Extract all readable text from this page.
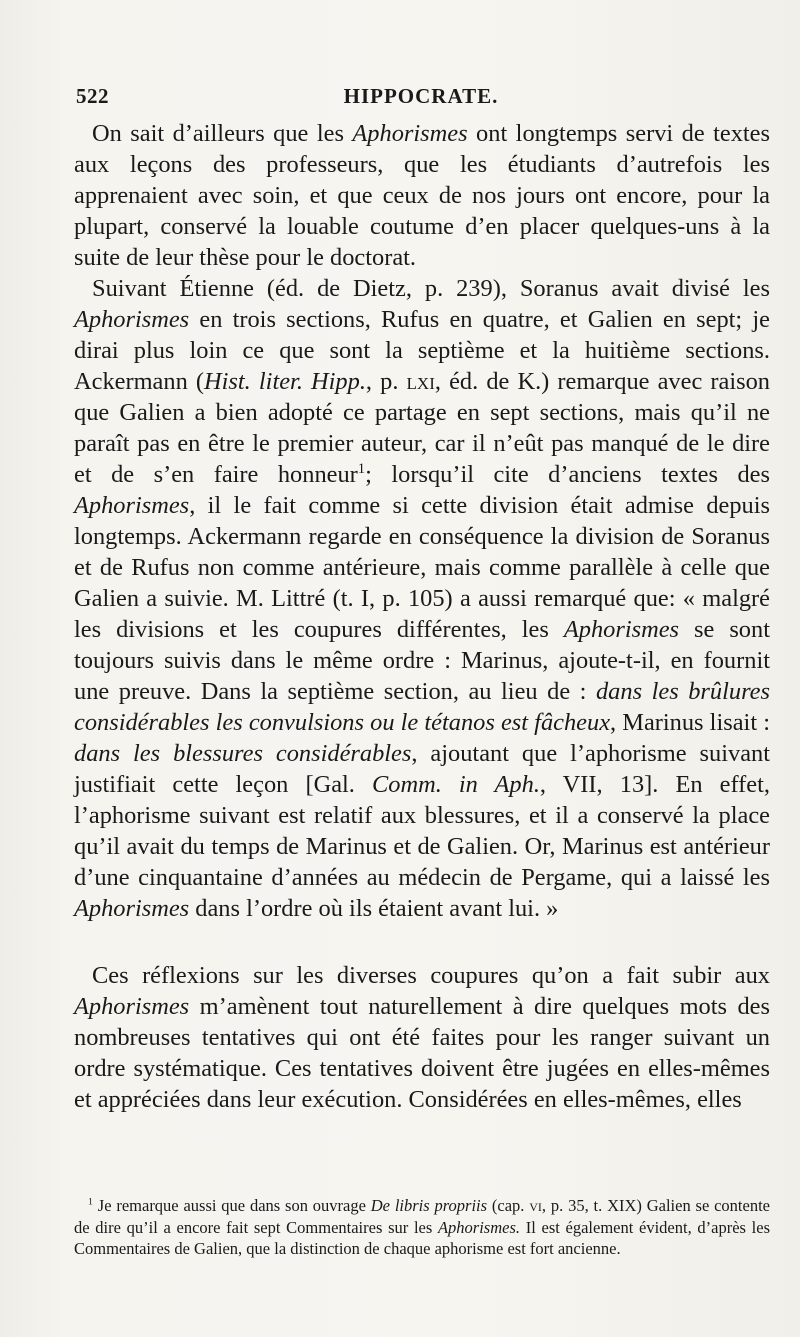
522	HIPPOCRATE.

On sait d’ailleurs que les Aphorismes ont longtemps servi de textes aux leçons des professeurs, que les étudiants d’autrefois les apprenaient avec soin, et que ceux de nos jours ont encore, pour la plupart, conservé la louable coutume d’en placer quelques-uns à la suite de leur thèse pour le doctorat.

Suivant Étienne (éd. de Dietz, p. 239), Soranus avait divisé les Aphorismes en trois sections, Rufus en quatre, et Galien en sept; je dirai plus loin ce que sont la septième et la huitième sections. Ackermann (Hist. liter. Hipp., p. lxi, éd. de K.) remarque avec raison que Galien a bien adopté ce partage en sept sections, mais qu’il ne paraît pas en être le premier auteur, car il n’eût pas manqué de le dire et de s’en faire honneur$^1$; lorsqu’il cite d’anciens textes des Aphorismes, il le fait comme si cette division était admise depuis longtemps. Ackermann regarde en conséquence la division de Soranus et de Rufus non comme antérieure, mais comme parallèle à celle que Galien a suivie. M. Littré (t. I, p. 105) a aussi remarqué que: « malgré les divisions et les coupures différentes, les Aphorismes se sont toujours suivis dans le même ordre : Marinus, ajoute-t-il, en fournit une preuve. Dans la septième section, au lieu de : dans les brûlures considérables les convulsions ou le tétanos est fâcheux, Marinus lisait : dans les blessures considérables, ajoutant que l’aphorisme suivant justifiait cette leçon [Gal. Comm. in Aph., VII, 13]. En effet, l’aphorisme suivant est relatif aux blessures, et il a conservé la place qu’il avait du temps de Marinus et de Galien. Or, Marinus est antérieur d’une cinquantaine d’années au médecin de Pergame, qui a laissé les Aphorismes dans l’ordre où ils étaient avant lui. »

Ces réflexions sur les diverses coupures qu’on a fait subir aux Aphorismes m’amènent tout naturellement à dire quelques mots des nombreuses tentatives qui ont été faites pour les ranger suivant un ordre systématique. Ces tentatives doivent être jugées en elles-mêmes et appréciées dans leur exécution. Considérées en elles-mêmes, elles

$^1$ Je remarque aussi que dans son ouvrage De libris propriis (cap. vi, p. 35, t. XIX) Galien se contente de dire qu’il a encore fait sept Commentaires sur les Aphorismes. Il est également évident, d’après les Commentaires de Galien, que la distinction de chaque aphorisme est fort ancienne.
